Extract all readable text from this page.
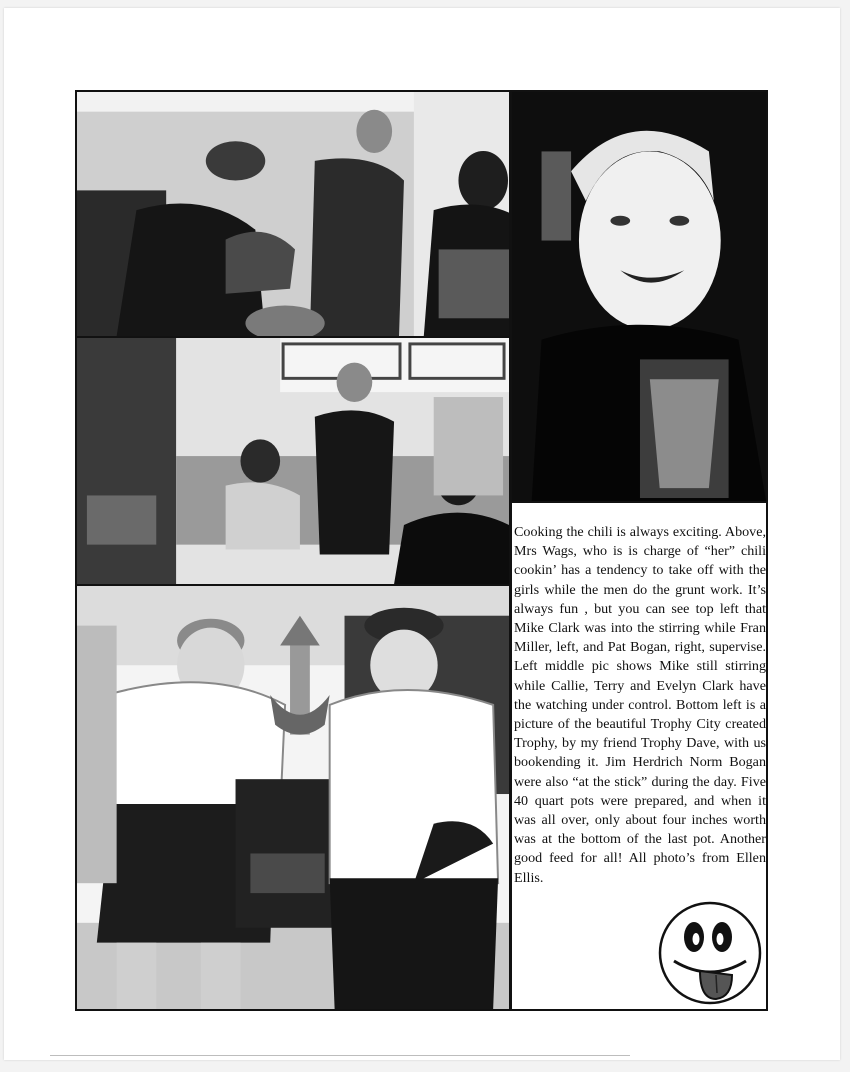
Cooking the chili is always exciting. Above, Mrs Wags, who is is charge of “her” chili cookin’ has a tendency to take off with the girls while the men do the grunt work. It’s always fun , but you can see top left that Mike Clark was into the stirring while Fran Miller, left, and Pat Bogan, right, supervise. Left middle pic shows Mike still stirring while Callie, Terry and Evelyn Clark have the watching under control. Bottom left is a picture of the beautiful Trophy City created Trophy, by my friend Trophy Dave, with us bookending it. Jim Herdrich Norm Bogan were also “at the stick” during the day. Five 40 quart pots were prepared, and when it was all over, only about four inches worth was at the bottom of the last pot. Another good feed for all! All photo’s from Ellen Ellis.
